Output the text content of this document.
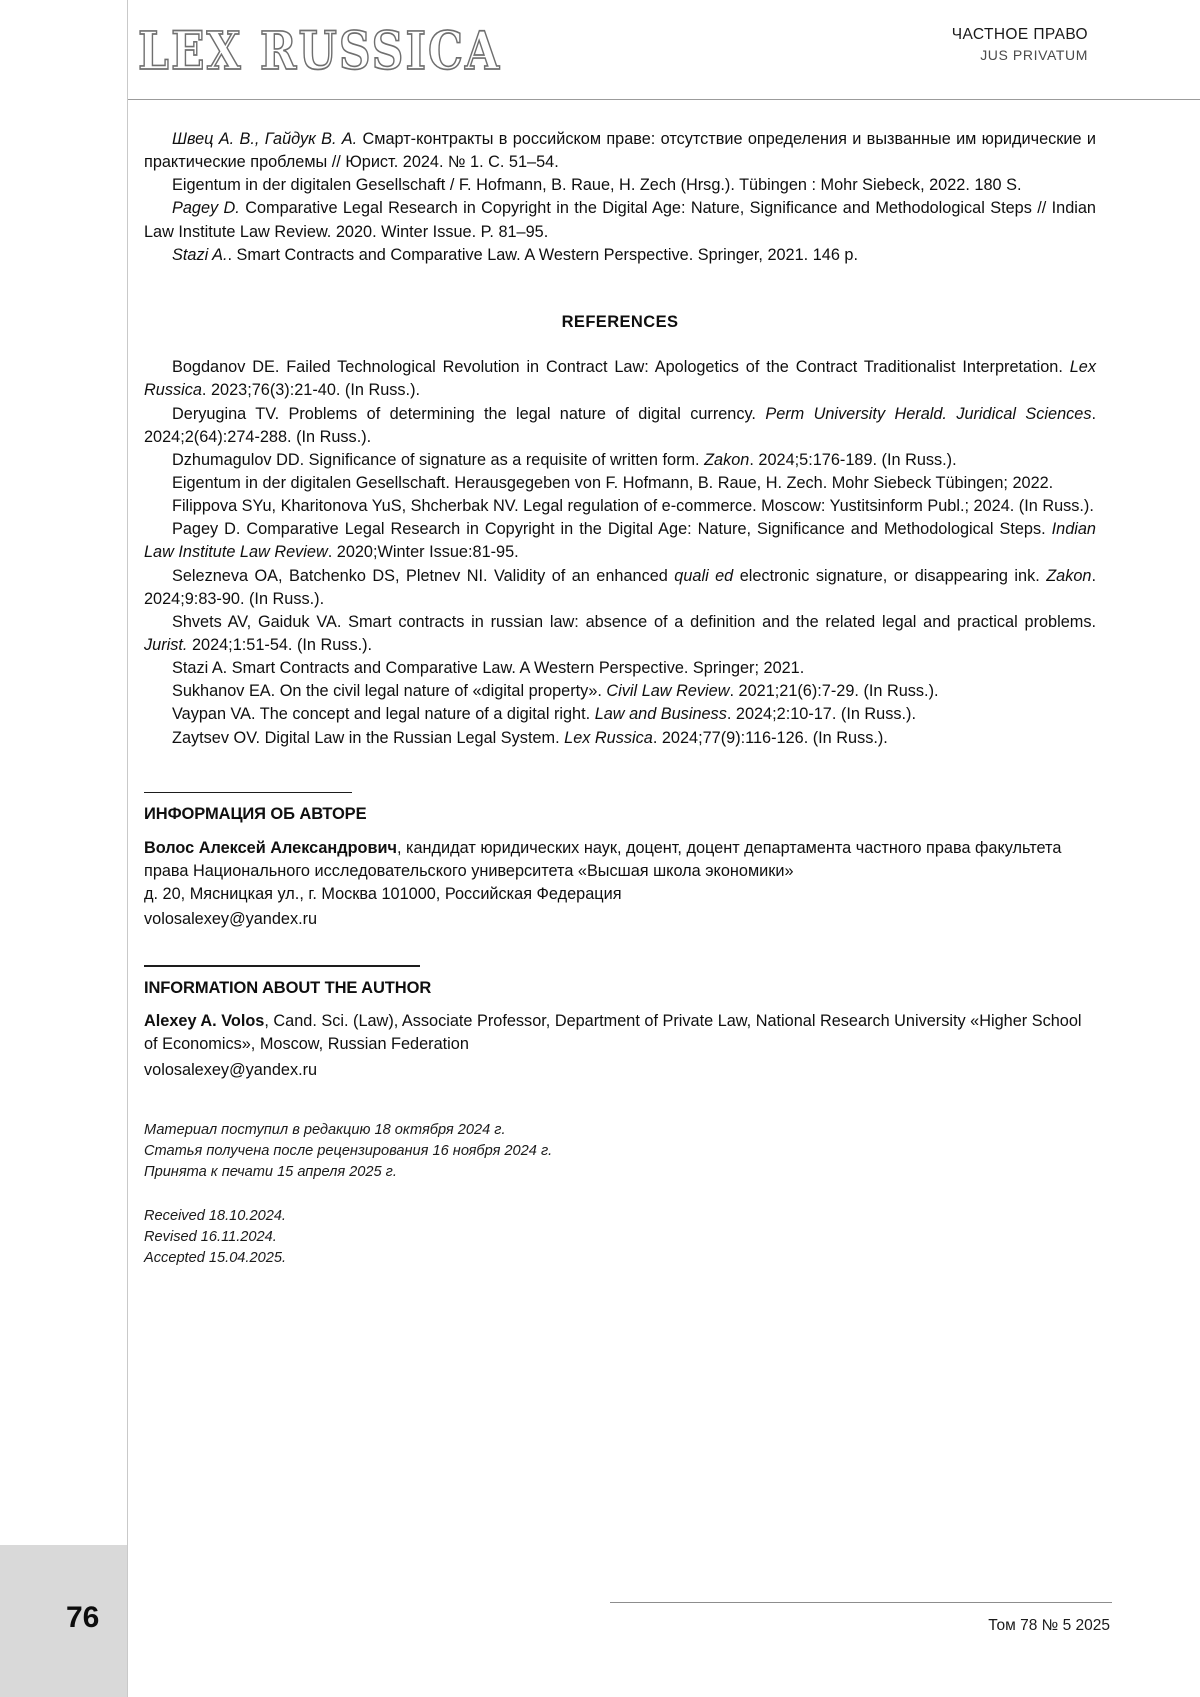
LEX RUSSICA	ЧАСТНОЕ ПРАВО
JUS PRIVATUM

Швец А. В., Гайдук В. А. Смарт-контракты в российском праве: отсутствие определения и вызванные им юридические и практические проблемы // Юрист. 2024. № 1. С. 51–54.

Eigentum in der digitalen Gesellschaft / F. Hofmann, B. Raue, H. Zech (Hrsg.). Tübingen : Mohr Siebeck, 2022. 180 S.

Pagey D. Comparative Legal Research in Copyright in the Digital Age: Nature, Significance and Methodological Steps // Indian Law Institute Law Review. 2020. Winter Issue. P. 81–95.

Stazi A.. Smart Contracts and Comparative Law. A Western Perspective. Springer, 2021. 146 p.

REFERENCES

Bogdanov DE. Failed Technological Revolution in Contract Law: Apologetics of the Contract Traditionalist Interpretation. Lex Russica. 2023;76(3):21-40. (In Russ.).

Deryugina TV. Problems of determining the legal nature of digital currency. Perm University Herald. Juridical Sciences. 2024;2(64):274-288. (In Russ.).

Dzhumagulov DD. Significance of signature as a requisite of written form. Zakon. 2024;5:176-189. (In Russ.).

Eigentum in der digitalen Gesellschaft. Herausgegeben von F. Hofmann, B. Raue, H. Zech. Mohr Siebeck Tübingen; 2022.

Filippova SYu, Kharitonova YuS, Shcherbak NV. Legal regulation of e-commerce. Moscow: Yustitsinform Publ.; 2024. (In Russ.).

Pagey D. Comparative Legal Research in Copyright in the Digital Age: Nature, Significance and Methodological Steps. Indian Law Institute Law Review. 2020;Winter Issue:81-95.

Selezneva OA, Batchenko DS, Pletnev NI. Validity of an enhanced quali ed electronic signature, or disappearing ink. Zakon. 2024;9:83-90. (In Russ.).

Shvets AV, Gaiduk VA. Smart contracts in russian law: absence of a definition and the related legal and practical problems. Jurist. 2024;1:51-54. (In Russ.).

Stazi A. Smart Contracts and Comparative Law. A Western Perspective. Springer; 2021.

Sukhanov EA. On the civil legal nature of «digital property». Civil Law Review. 2021;21(6):7-29. (In Russ.).

Vaypan VA. The concept and legal nature of a digital right. Law and Business. 2024;2:10-17. (In Russ.).

Zaytsev OV. Digital Law in the Russian Legal System. Lex Russica. 2024;77(9):116-126. (In Russ.).

ИНФОРМАЦИЯ ОБ АВТОРЕ

Волос Алексей Александрович, кандидат юридических наук, доцент, доцент департамента частного права факультета права Национального исследовательского университета «Высшая школа экономики»

д. 20, Мясницкая ул., г. Москва 101000, Российская Федерация

volosalexey@yandex.ru

INFORMATION ABOUT THE AUTHOR

Alexey A. Volos, Cand. Sci. (Law), Associate Professor, Department of Private Law, National Research University «Higher School of Economics», Moscow, Russian Federation

volosalexey@yandex.ru

Материал поступил в редакцию 18 октября 2024 г.
Статья получена после рецензирования 16 ноября 2024 г.
Принята к печати 15 апреля 2025 г.
Received 18.10.2024.
Revised 16.11.2024.
Accepted 15.04.2025.
76	Том 78 № 5 2025
